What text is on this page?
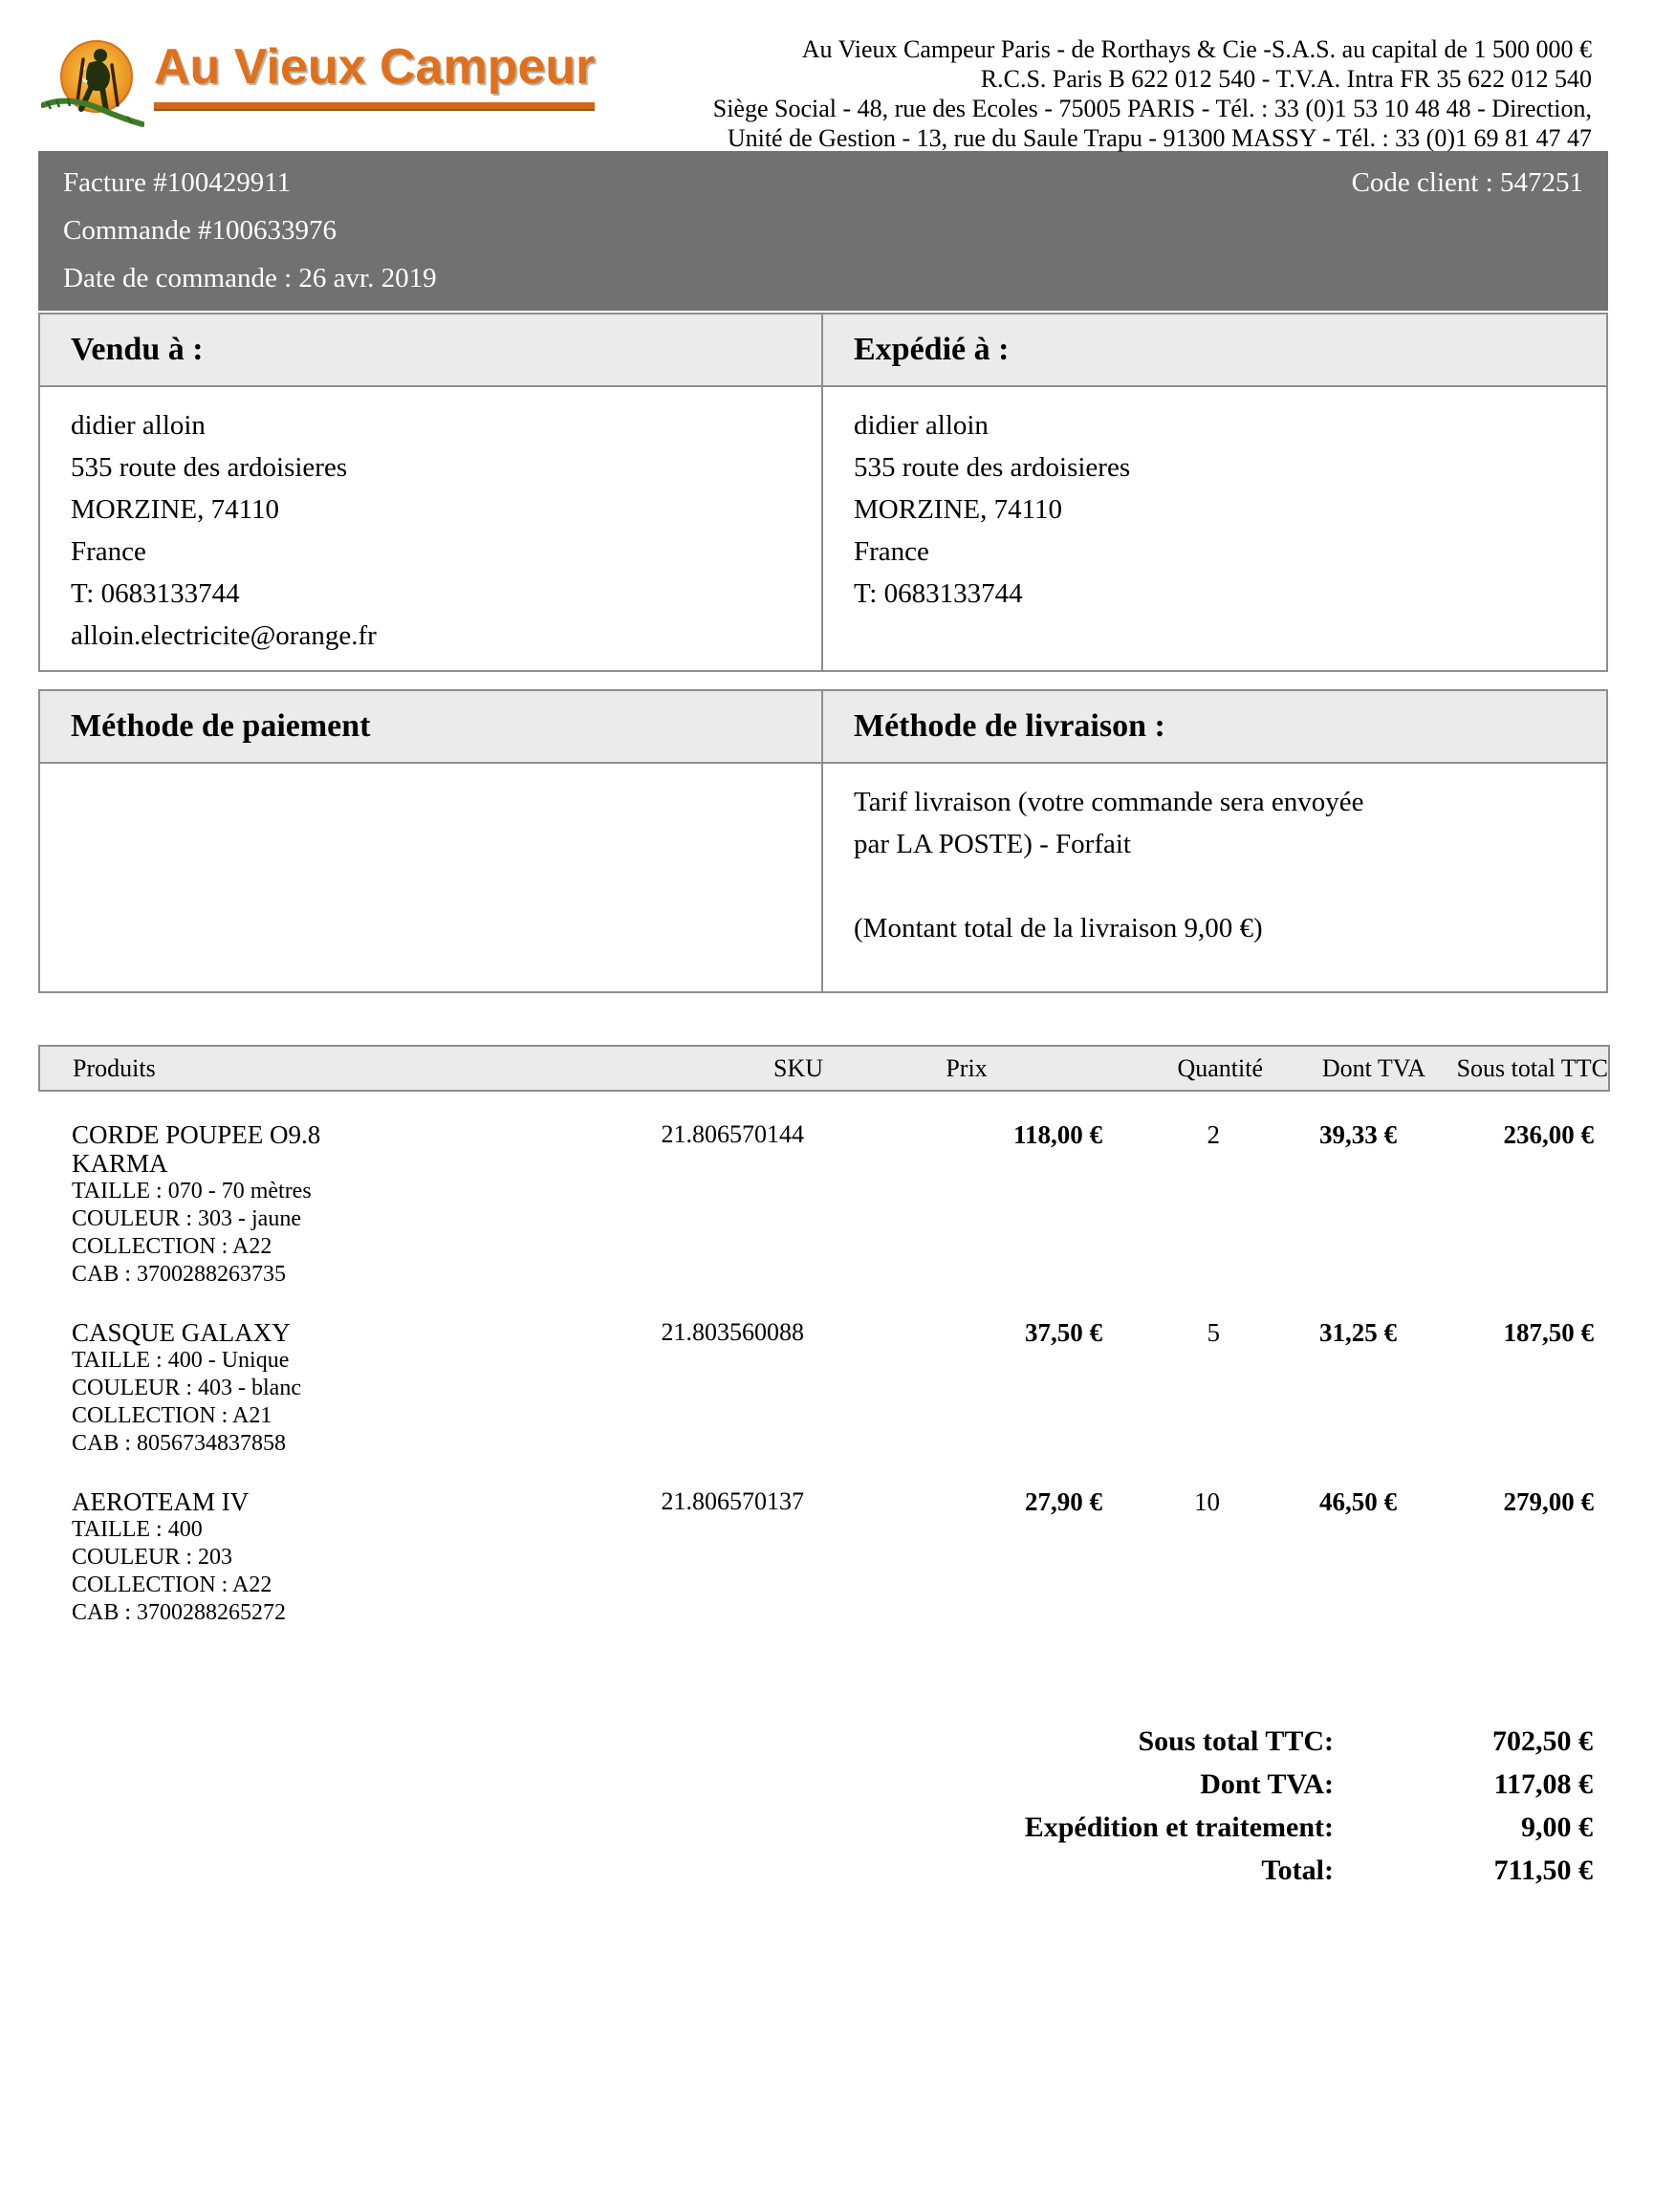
Au Vieux Campeur	Au Vieux Campeur Paris - de Rorthays & Cie -S.A.S. au capital de 1 500 000 €
R.C.S. Paris B 622 012 540 - T.V.A. Intra FR 35 622 012 540
Siège Social - 48, rue des Ecoles - 75005 PARIS - Tél. : 33 (0)1 53 10 48 48 - Direction,
Unité de Gestion - 13, rue du Saule Trapu - 91300 MASSY - Tél. : 33 (0)1 69 81 47 47
Facture #100429911
Commande #100633976
Date de commande : 26 avr. 2019
Code client : 547251
Vendu à :
didier alloin
535 route des ardoisieres
MORZINE, 74110
France
T: 0683133744
alloin.electricite@orange.fr
Expédié à :
didier alloin
535 route des ardoisieres
MORZINE, 74110
France
T: 0683133744
Méthode de paiement	Méthode de livraison :
Tarif livraison (votre commande sera envoyée
par LA POSTE) - Forfait
(Montant total de la livraison 9,00 €)
Produits	SKU	Prix	Quantité	Dont TVA	Sous total TTC

CORDE POUPEE O9.8 KARMA
TAILLE : 070 - 70 mètres
COULEUR : 303 - jaune
COLLECTION : A22
CAB : 3700288263735	21.806570144	118,00 €	2	39,33 €	236,00 €

CASQUE GALAXY
TAILLE : 400 - Unique
COULEUR : 403 - blanc
COLLECTION : A21
CAB : 8056734837858	21.803560088	37,50 €	5	31,25 €	187,50 €

AEROTEAM IV
TAILLE : 400
COULEUR : 203
COLLECTION : A22
CAB : 3700288265272	21.806570137	27,90 €	10	46,50 €	279,00 €
Sous total TTC:	702,50 €
Dont TVA:	117,08 €
Expédition et traitement:	9,00 €
Total:	711,50 €
